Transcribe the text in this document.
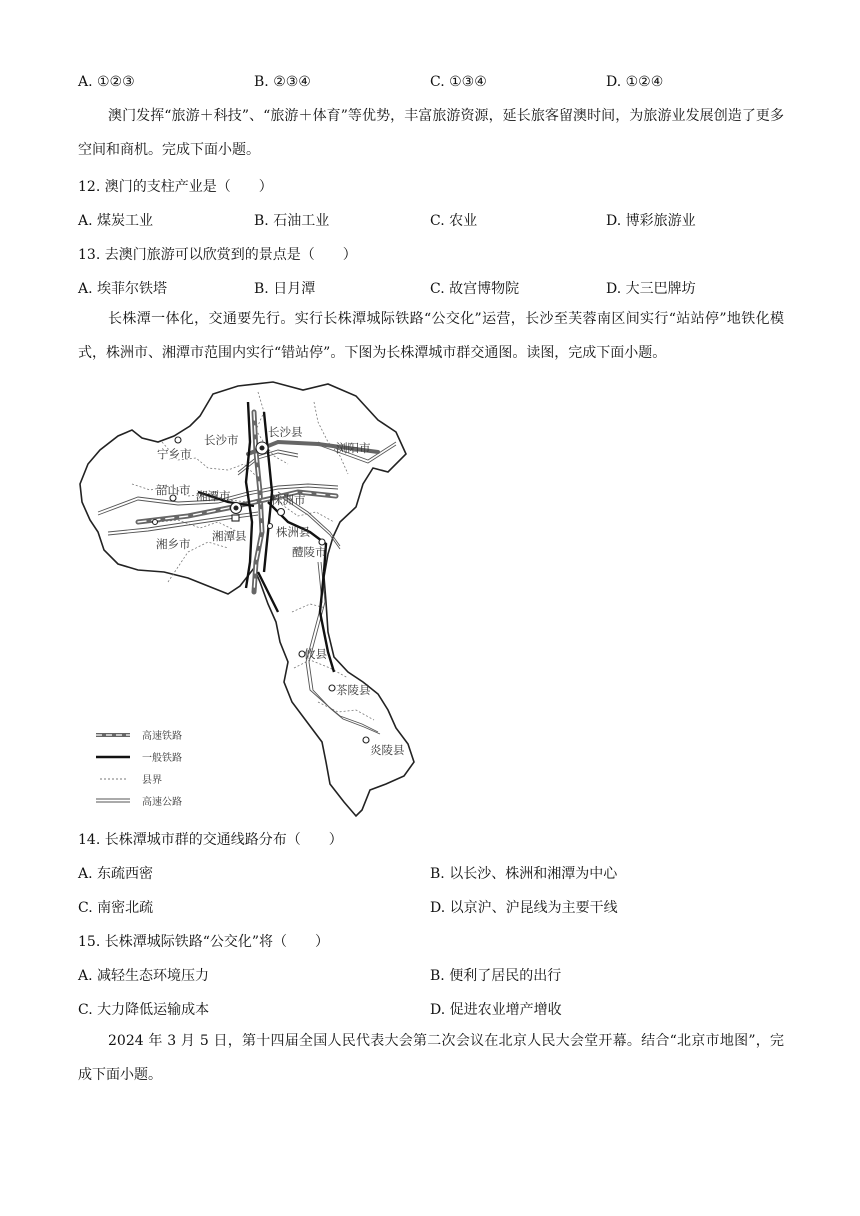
A. ①②③	B. ②③④	C. ①③④	D. ①②④
澳门发挥“旅游＋科技”、“旅游＋体育”等优势，丰富旅游资源，延长旅客留澳时间，为旅游业发展创造了更多空间和商机。完成下面小题。
12. 澳门的支柱产业是（　　）
A. 煤炭工业	B. 石油工业	C. 农业	D. 博彩旅游业
13. 去澳门旅游可以欣赏到的景点是（　　）
A. 埃菲尔铁塔	B. 日月潭	C. 故宫博物院	D. 大三巴牌坊
长株潭一体化，交通要先行。实行长株潭城际铁路“公交化”运营，长沙至芙蓉南区间实行“站站停”地铁化模式，株洲市、湘潭市范围内实行“错站停”。下图为长株潭城市群交通图。读图，完成下面小题。
长沙市
长沙县
浏阳市
宁乡市
韶山市 湘潭市	株洲市
湘乡市
湘潭县	株洲县
醴陵市
攸县
茶陵县
炎陵县
高速铁路
一般铁路
县界
高速公路
14. 长株潭城市群的交通线路分布（　　）
A. 东疏西密	B. 以长沙、株洲和湘潭为中心
C. 南密北疏	D. 以京沪、沪昆线为主要干线
15. 长株潭城际铁路“公交化”将（　　）
A. 减轻生态环境压力	B. 便利了居民的出行
C. 大力降低运输成本	D. 促进农业增产增收
2024 年 3 月 5 日，第十四届全国人民代表大会第二次会议在北京人民大会堂开幕。结合“北京市地图”，完成下面小题。
